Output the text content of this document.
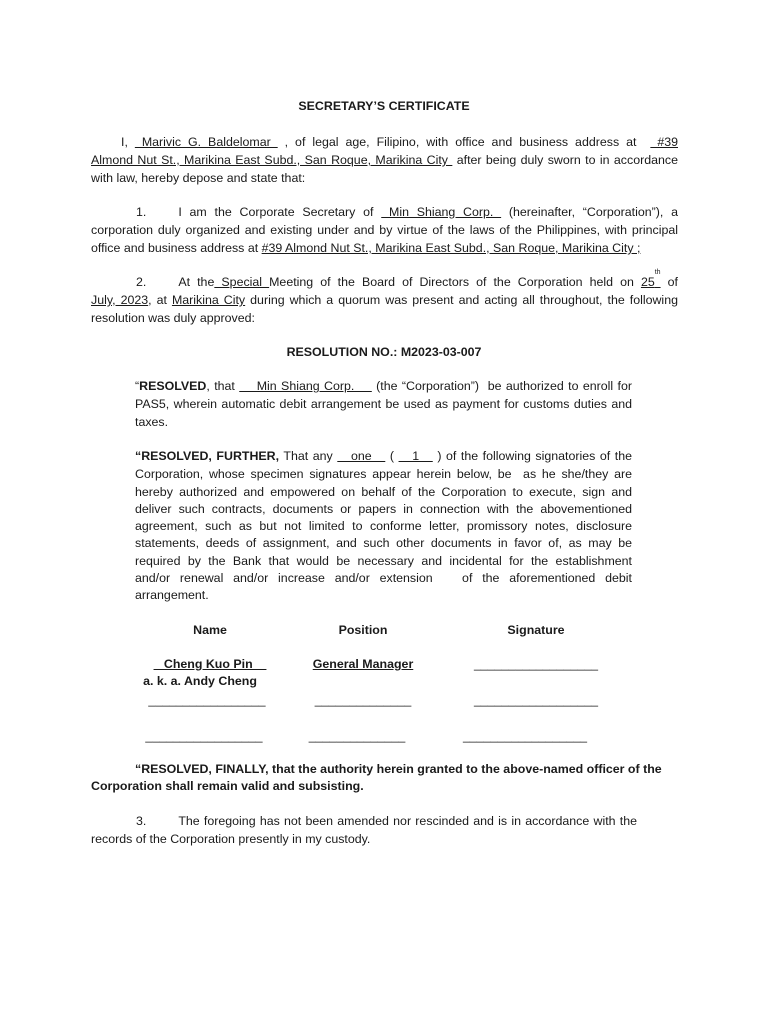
SECRETARY’S CERTIFICATE
I,  Marivic G. Baldelomar  , of legal age, Filipino, with office and business address at   #39
Almond Nut St., Marikina East Subd., San Roque, Marikina City  after being duly sworn to in accordance
with law, hereby depose and state that:
1.	I am the Corporate Secretary of  Min Shiang Corp.  (hereinafter, “Corporation”), a
corporation duly organized and existing under and by virtue of the laws of the Philippines, with principal
office and business address at #39 Almond Nut St., Marikina East Subd., San Roque, Marikina City ;
2.	At the Special Meeting of the Board of Directors of the Corporation held on 25th of
July, 2023, at Marikina City during which a quorum was present and acting all throughout, the following
resolution was duly approved:
RESOLUTION NO.: M2023-03-007
“RESOLVED, that     Min Shiang Corp.     (the “Corporation”)  be authorized to enroll for
PAS5, wherein automatic debit arrangement be used as payment for customs duties and
taxes.
“RESOLVED, FURTHER, That any    one    (    1    ) of the following signatories of the
Corporation, whose specimen signatures appear herein below, be  as he she/they are
hereby authorized and empowered on behalf of the Corporation to execute, sign and
deliver such contracts, documents or papers in connection with the abovementioned
agreement, such as but not limited to conforme letter, promissory notes, disclosure
statements, deeds of assignment, and such other documents in favor of, as may be
required by the Bank that would be necessary and incidental for the establishment
and/or renewal and/or increase and/or extension   of the aforementioned debit
arrangement.
Name	Position	Signature
Cheng Kuo Pin	General Manager	__________________
a. k. a. Andy Cheng
_________________	______________	__________________
_________________	______________	__________________
“RESOLVED, FINALLY, that the authority herein granted to the above-named officer of the
Corporation shall remain valid and subsisting.
3.	The foregoing has not been amended nor rescinded and is in accordance with the
records of the Corporation presently in my custody.
